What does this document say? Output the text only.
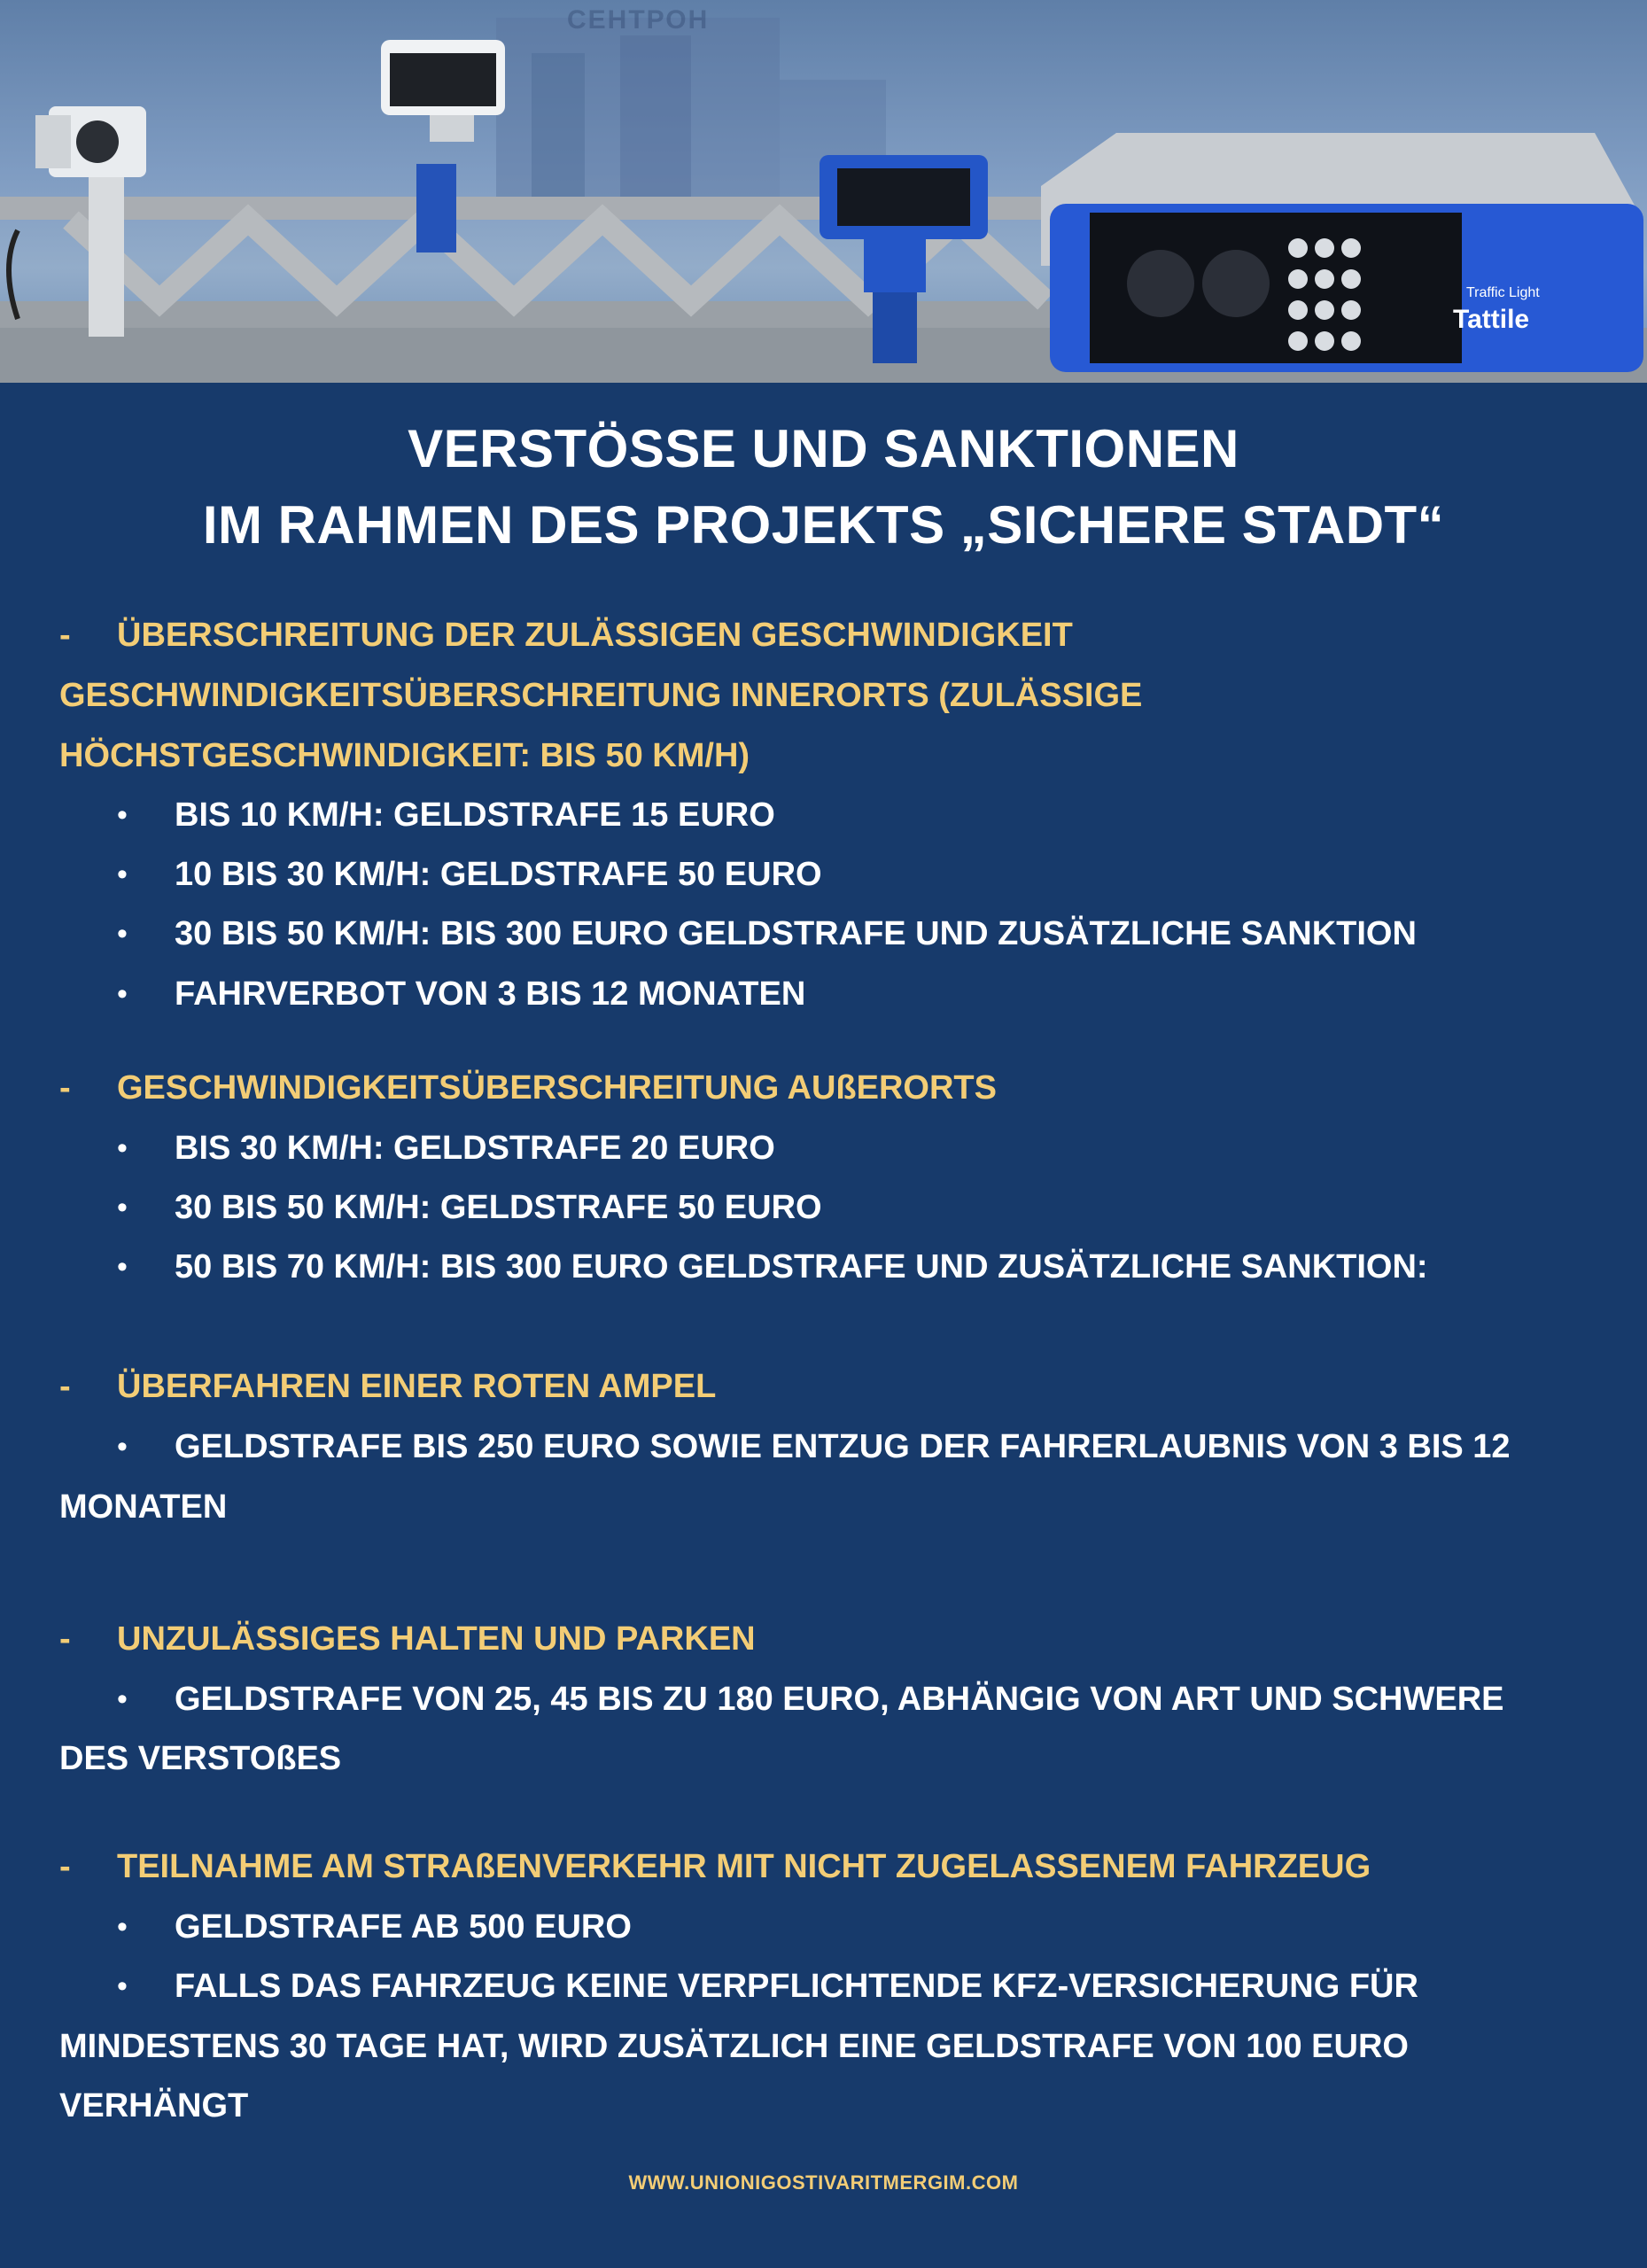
СЕНТРОН
Traffic Light
Tattile
VERSTÖSSE UND SANKTIONEN
IM RAHMEN DES PROJEKTS „SICHERE STADT“
- ÜBERSCHREITUNG DER ZULÄSSIGEN GESCHWINDIGKEIT
GESCHWINDIGKEITSÜBERSCHREITUNG INNERORTS (ZULÄSSIGE
HÖCHSTGESCHWINDIGKEIT: BIS 50 KM/H)
• BIS 10 KM/H: GELDSTRAFE 15 EURO
• 10 BIS 30 KM/H: GELDSTRAFE 50 EURO
• 30 BIS 50 KM/H: BIS 300 EURO GELDSTRAFE UND ZUSÄTZLICHE SANKTION
• FAHRVERBOT VON 3 BIS 12 MONATEN
- GESCHWINDIGKEITSÜBERSCHREITUNG AUßERORTS
• BIS 30 KM/H: GELDSTRAFE 20 EURO
• 30 BIS 50 KM/H: GELDSTRAFE 50 EURO
• 50 BIS 70 KM/H: BIS 300 EURO GELDSTRAFE UND ZUSÄTZLICHE SANKTION:
- ÜBERFAHREN EINER ROTEN AMPEL
• GELDSTRAFE BIS 250 EURO SOWIE ENTZUG DER FAHRERLAUBNIS VON 3 BIS 12
MONATEN
- UNZULÄSSIGES HALTEN UND PARKEN
• GELDSTRAFE VON 25, 45 BIS ZU 180 EURO, ABHÄNGIG VON ART UND SCHWERE
DES VERSTOßES
- TEILNAHME AM STRAßENVERKEHR MIT NICHT ZUGELASSENEM FAHRZEUG
• GELDSTRAFE AB 500 EURO
• FALLS DAS FAHRZEUG KEINE VERPFLICHTENDE KFZ-VERSICHERUNG FÜR
MINDESTENS 30 TAGE HAT, WIRD ZUSÄTZLICH EINE GELDSTRAFE VON 100 EURO
VERHÄNGT
WWW.UNIONIGOSTIVARITMERGIM.COM
